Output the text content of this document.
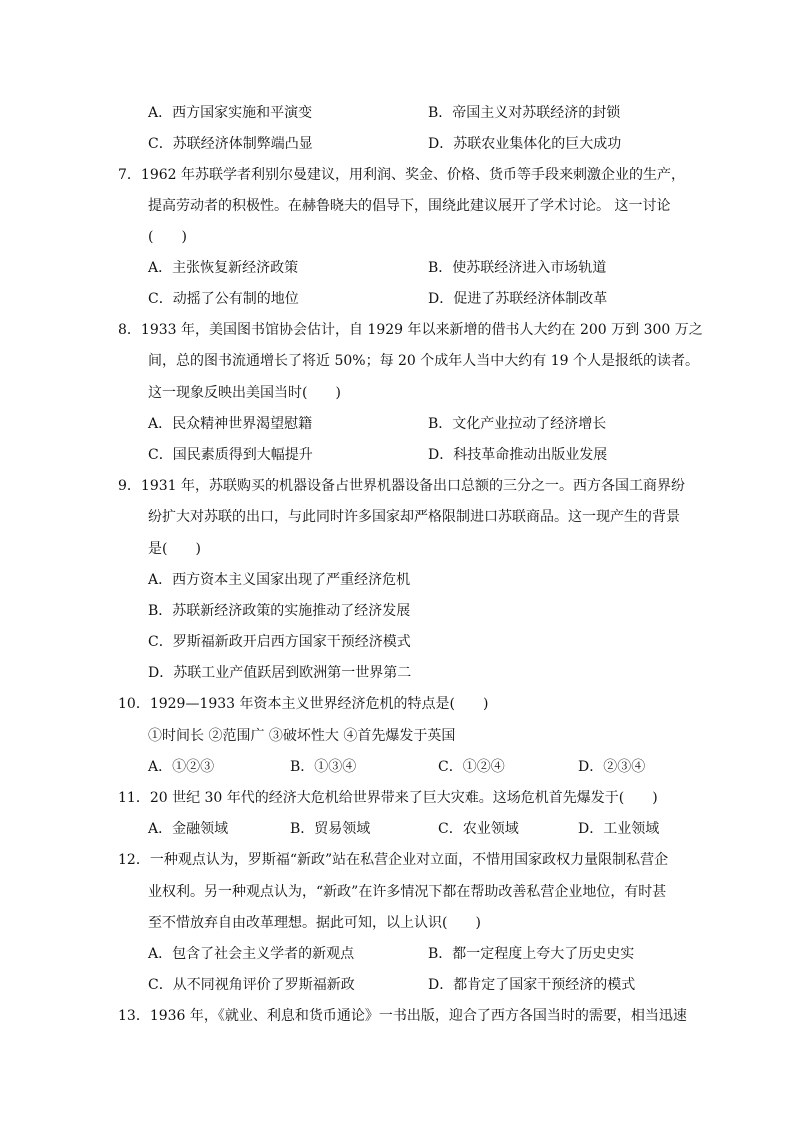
A．西方国家实施和平演变	B．帝国主义对苏联经济的封锁
C．苏联经济体制弊端凸显	D．苏联农业集体化的巨大成功
7．1962 年苏联学者利别尔曼建议，用利润、奖金、价格、货币等手段来刺激企业的生产，
提高劳动者的积极性。在赫鲁晓夫的倡导下，围绕此建议展开了学术讨论。 这一讨论
(　　)
A．主张恢复新经济政策	B．使苏联经济进入市场轨道
C．动摇了公有制的地位	D．促进了苏联经济体制改革
8．1933 年，美国图书馆协会估计，自 1929 年以来新增的借书人大约在 200 万到 300 万之
间，总的图书流通增长了将近 50%；每 20 个成年人当中大约有 19 个人是报纸的读者。
这一现象反映出美国当时(　　)
A．民众精神世界渴望慰籍	B．文化产业拉动了经济增长
C．国民素质得到大幅提升	D．科技革命推动出版业发展
9．1931 年，苏联购买的机器设备占世界机器设备出口总额的三分之一。西方各国工商界纷
纷扩大对苏联的出口，与此同时许多国家却严格限制进口苏联商品。这一现产生的背景
是(　　)
A．西方资本主义国家出现了严重经济危机
B．苏联新经济政策的实施推动了经济发展
C．罗斯福新政开启西方国家干预经济模式
D．苏联工业产值跃居到欧洲第一世界第二
10．1929—1933 年资本主义世界经济危机的特点是(　　)
①时间长 ②范围广 ③破坏性大 ④首先爆发于英国
A．①②③	B．①③④	C．①②④	D．②③④
11．20 世纪 30 年代的经济大危机给世界带来了巨大灾难。这场危机首先爆发于(　　)
A．金融领域	B．贸易领域	C．农业领域	D．工业领域
12．一种观点认为，罗斯福“新政”站在私营企业对立面，不惜用国家政权力量限制私营企
业权利。另一种观点认为，“新政”在许多情况下都在帮助改善私营企业地位，有时甚
至不惜放弃自由改革理想。据此可知，以上认识(　　)
A．包含了社会主义学者的新观点	B．都一定程度上夸大了历史史实
C．从不同视角评价了罗斯福新政	D．都肯定了国家干预经济的模式
13．1936 年，《就业、利息和货币通论》一书出版，迎合了西方各国当时的需要，相当迅速
